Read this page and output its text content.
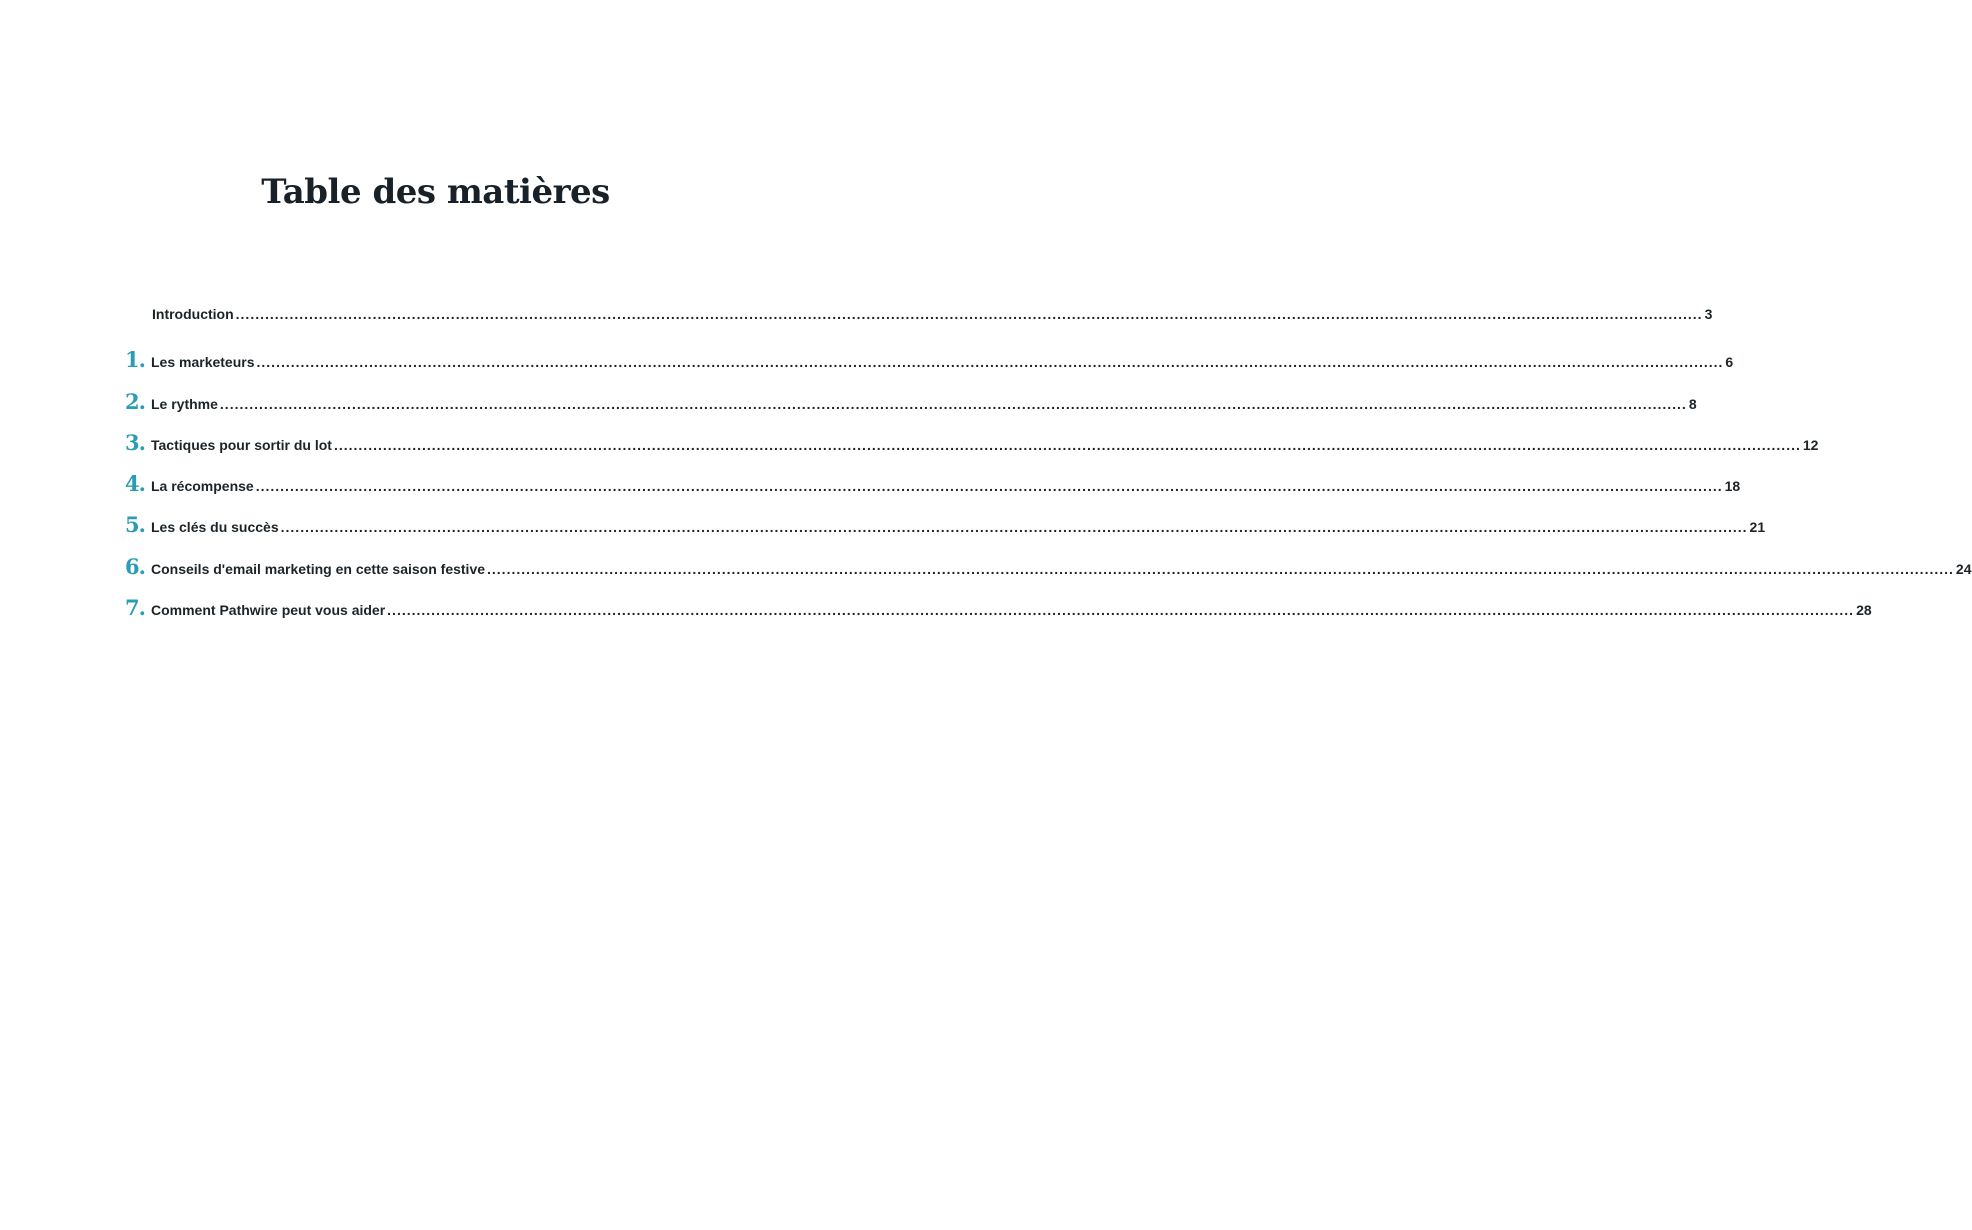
Table des matières
Introduction ............................................................................................................................................................................................................................................................................................................ 3
1. Les marketeurs ............................................................................................................................................................................................................................................................................................................ 6
2. Le rythme ............................................................................................................................................................................................................................................................................................................ 8
3. Tactiques pour sortir du lot ............................................................................................................................................................................................................................................................................................................ 12
4. La récompense ............................................................................................................................................................................................................................................................................................................ 18
5. Les clés du succès ............................................................................................................................................................................................................................................................................................................ 21
6. Conseils d'email marketing en cette saison festive ............................................................................................................................................................................................................................................................................................................ 24
7. Comment Pathwire peut vous aider ............................................................................................................................................................................................................................................................................................................ 28
